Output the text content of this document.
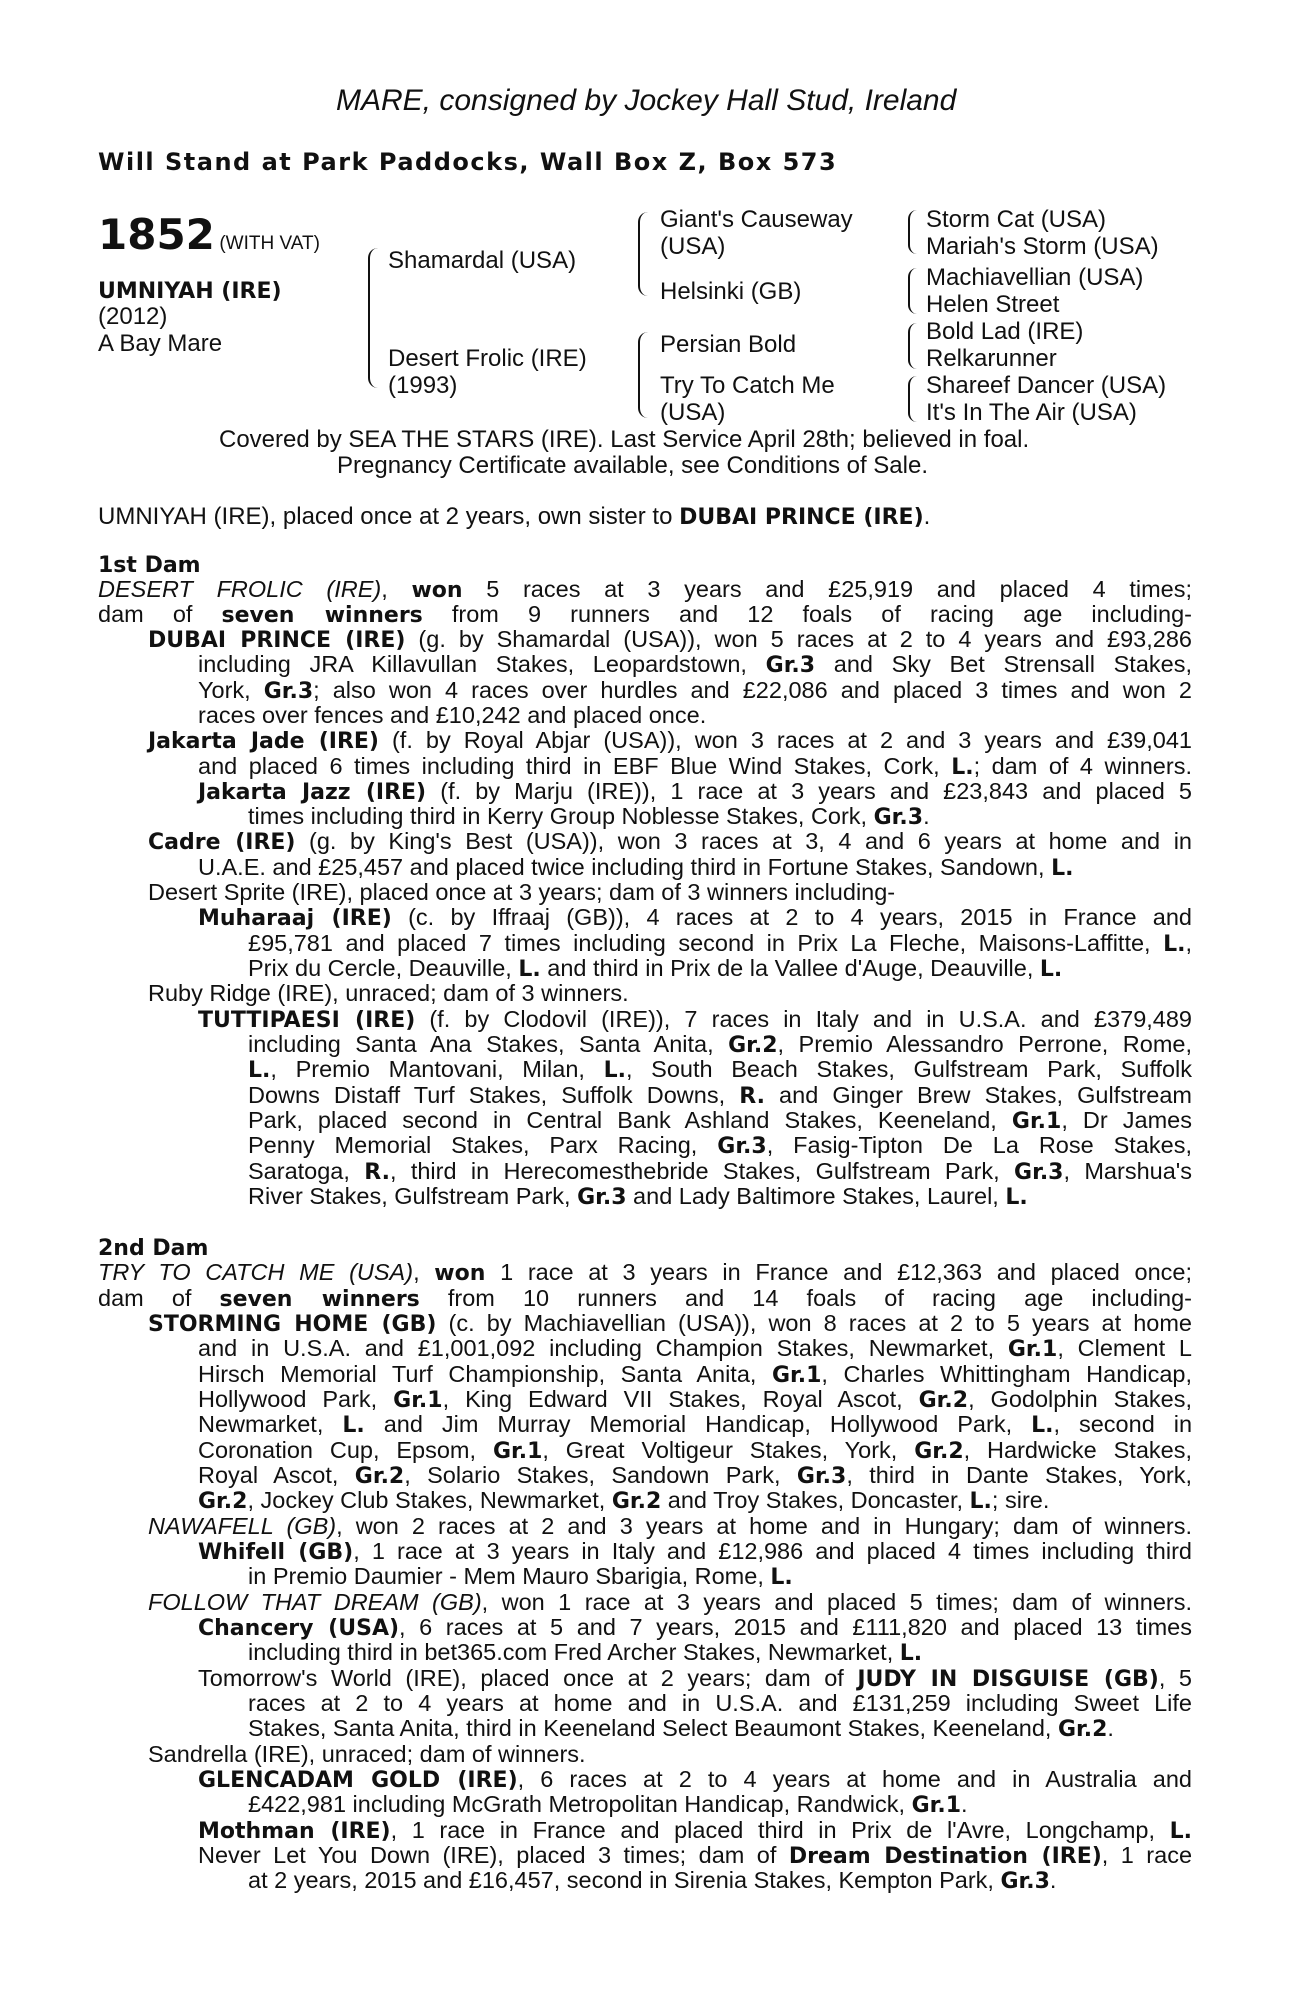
MARE, consigned by Jockey Hall Stud, Ireland
Will Stand at Park Paddocks, Wall Box Z, Box 573
1852 (WITH VAT)
UMNIYAH (IRE)
(2012)
A Bay Mare
Shamardal (USA)
Desert Frolic (IRE)
(1993)
Giant's Causeway
(USA)
Helsinki (GB)
Persian Bold
Try To Catch Me
(USA)
Storm Cat (USA)
Mariah's Storm (USA)
Machiavellian (USA)
Helen Street
Bold Lad (IRE)
Relkarunner
Shareef Dancer (USA)
It's In The Air (USA)
Covered by SEA THE STARS (IRE). Last Service April 28th; believed in foal.
Pregnancy Certificate available, see Conditions of Sale.
UMNIYAH (IRE), placed once at 2 years, own sister to DUBAI PRINCE (IRE).
1st Dam
DESERT FROLIC (IRE), won 5 races at 3 years and £25,919 and placed 4 times;
dam of seven winners from 9 runners and 12 foals of racing age including-
DUBAI PRINCE (IRE) (g. by Shamardal (USA)), won 5 races at 2 to 4 years and £93,286
including JRA Killavullan Stakes, Leopardstown, Gr.3 and Sky Bet Strensall Stakes,
York, Gr.3; also won 4 races over hurdles and £22,086 and placed 3 times and won 2
races over fences and £10,242 and placed once.
Jakarta Jade (IRE) (f. by Royal Abjar (USA)), won 3 races at 2 and 3 years and £39,041
and placed 6 times including third in EBF Blue Wind Stakes, Cork, L.; dam of 4 winners.
Jakarta Jazz (IRE) (f. by Marju (IRE)), 1 race at 3 years and £23,843 and placed 5
times including third in Kerry Group Noblesse Stakes, Cork, Gr.3.
Cadre (IRE) (g. by King's Best (USA)), won 3 races at 3, 4 and 6 years at home and in
U.A.E. and £25,457 and placed twice including third in Fortune Stakes, Sandown, L.
Desert Sprite (IRE), placed once at 3 years; dam of 3 winners including-
Muharaaj (IRE) (c. by Iffraaj (GB)), 4 races at 2 to 4 years, 2015 in France and
£95,781 and placed 7 times including second in Prix La Fleche, Maisons-Laffitte, L.,
Prix du Cercle, Deauville, L. and third in Prix de la Vallee d'Auge, Deauville, L.
Ruby Ridge (IRE), unraced; dam of 3 winners.
TUTTIPAESI (IRE) (f. by Clodovil (IRE)), 7 races in Italy and in U.S.A. and £379,489
including Santa Ana Stakes, Santa Anita, Gr.2, Premio Alessandro Perrone, Rome,
L., Premio Mantovani, Milan, L., South Beach Stakes, Gulfstream Park, Suffolk
Downs Distaff Turf Stakes, Suffolk Downs, R. and Ginger Brew Stakes, Gulfstream
Park, placed second in Central Bank Ashland Stakes, Keeneland, Gr.1, Dr James
Penny Memorial Stakes, Parx Racing, Gr.3, Fasig-Tipton De La Rose Stakes,
Saratoga, R., third in Herecomesthebride Stakes, Gulfstream Park, Gr.3, Marshua's
River Stakes, Gulfstream Park, Gr.3 and Lady Baltimore Stakes, Laurel, L.
2nd Dam
TRY TO CATCH ME (USA), won 1 race at 3 years in France and £12,363 and placed once;
dam of seven winners from 10 runners and 14 foals of racing age including-
STORMING HOME (GB) (c. by Machiavellian (USA)), won 8 races at 2 to 5 years at home
and in U.S.A. and £1,001,092 including Champion Stakes, Newmarket, Gr.1, Clement L
Hirsch Memorial Turf Championship, Santa Anita, Gr.1, Charles Whittingham Handicap,
Hollywood Park, Gr.1, King Edward VII Stakes, Royal Ascot, Gr.2, Godolphin Stakes,
Newmarket, L. and Jim Murray Memorial Handicap, Hollywood Park, L., second in
Coronation Cup, Epsom, Gr.1, Great Voltigeur Stakes, York, Gr.2, Hardwicke Stakes,
Royal Ascot, Gr.2, Solario Stakes, Sandown Park, Gr.3, third in Dante Stakes, York,
Gr.2, Jockey Club Stakes, Newmarket, Gr.2 and Troy Stakes, Doncaster, L.; sire.
NAWAFELL (GB), won 2 races at 2 and 3 years at home and in Hungary; dam of winners.
Whifell (GB), 1 race at 3 years in Italy and £12,986 and placed 4 times including third
in Premio Daumier - Mem Mauro Sbarigia, Rome, L.
FOLLOW THAT DREAM (GB), won 1 race at 3 years and placed 5 times; dam of winners.
Chancery (USA), 6 races at 5 and 7 years, 2015 and £111,820 and placed 13 times
including third in bet365.com Fred Archer Stakes, Newmarket, L.
Tomorrow's World (IRE), placed once at 2 years; dam of JUDY IN DISGUISE (GB), 5
races at 2 to 4 years at home and in U.S.A. and £131,259 including Sweet Life
Stakes, Santa Anita, third in Keeneland Select Beaumont Stakes, Keeneland, Gr.2.
Sandrella (IRE), unraced; dam of winners.
GLENCADAM GOLD (IRE), 6 races at 2 to 4 years at home and in Australia and
£422,981 including McGrath Metropolitan Handicap, Randwick, Gr.1.
Mothman (IRE), 1 race in France and placed third in Prix de l'Avre, Longchamp, L.
Never Let You Down (IRE), placed 3 times; dam of Dream Destination (IRE), 1 race
at 2 years, 2015 and £16,457, second in Sirenia Stakes, Kempton Park, Gr.3.
